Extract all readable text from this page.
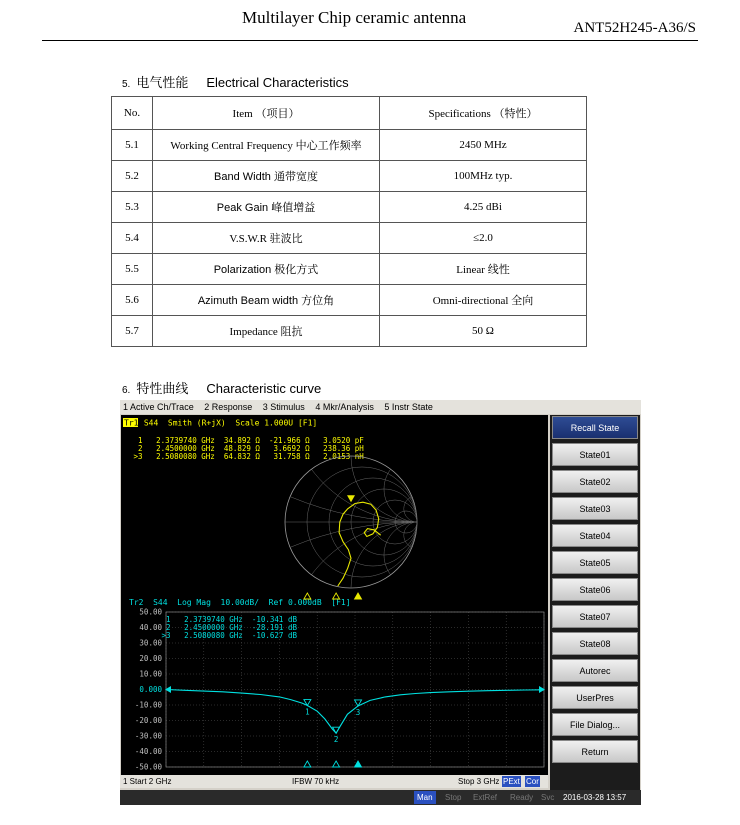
Multilayer Chip ceramic antenna
ANT52H245-A36/S
5. 电气性能 Electrical Characteristics
No.	Item （项目）	Specifications （特性）
5.1	Working Central Frequency 中心工作频率	2450 MHz
5.2	Band Width 通带宽度	100MHz typ.
5.3	Peak Gain 峰值增益	4.25 dBi
5.4	V.S.W.R 驻波比	≤2.0
5.5	Polarization 极化方式	Linear 线性
5.6	Azimuth Beam width 方位角	Omni-directional 全向
5.7	Impedance 阻抗	50 Ω
6. 特性曲线 Characteristic curve
1 Active Ch/Trace 2 Response 3 Stimulus 4 Mkr/Analysis 5 Instr State
Tr1 S44  Smith (R+jX)  Scale 1.000U [F1]
1   2.3739740 GHz  34.892 Ω  -21.966 Ω   3.0520 pF
2   2.4500000 GHz  48.829 Ω   3.6692 Ω   238.36 pH
>3   2.5080080 GHz  64.832 Ω   31.758 Ω   2.0153 nH
Tr2  S44  Log Mag  10.00dB/  Ref 0.000dB  [F1]
1   2.3739740 GHz  -10.341 dB
2   2.4500000 GHz  -28.191 dB
>3   2.5080080 GHz  -10.627 dB
50.00
40.00
30.00
20.00
10.00
0.000
-10.00
-20.00
-30.00
-40.00
-50.00
1
2
3
Recall State
State01
State02
State03
State04
State05
State06
State07
State08
Autorec
UserPres
File Dialog...
Return
1 Start 2 GHz	IFBW 70 kHz	Stop 3 GHz PExt Cor
Man	Stop	ExtRef	Ready Svc	2016-03-28 13:57
